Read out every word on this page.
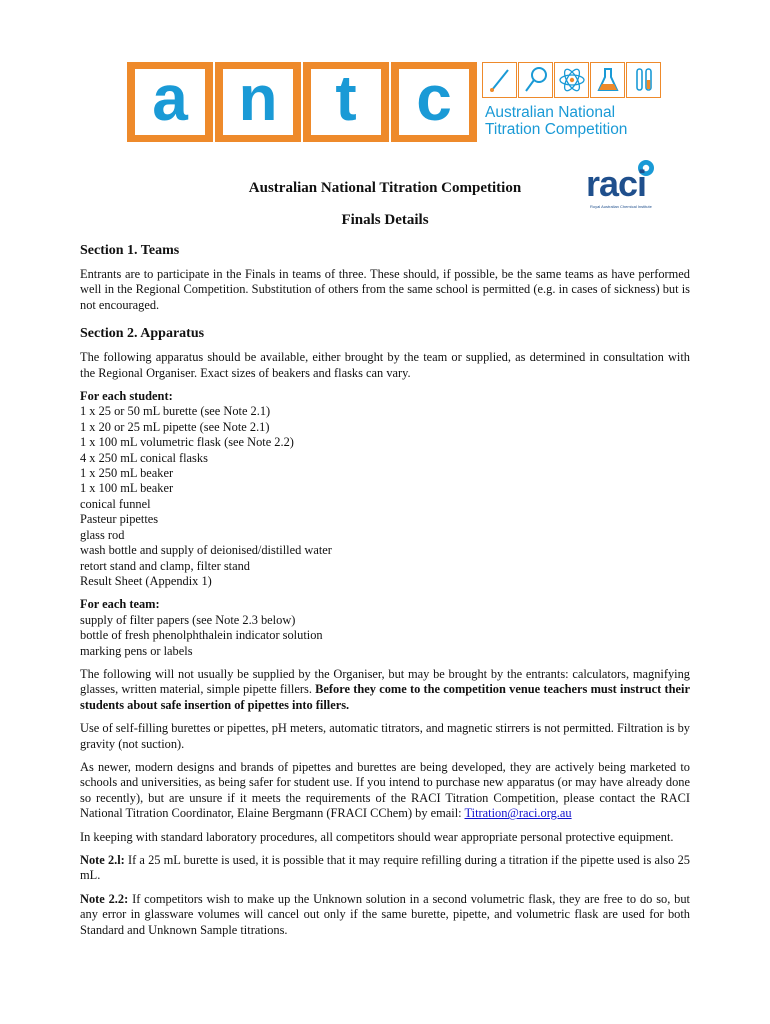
a n t c Australian National
Titration Competition
raci
Royal Australian Chemical Institute
Australian National Titration Competition
Finals Details
Section 1. Teams

Entrants are to participate in the Finals in teams of three. These should, if possible, be the same teams as have performed well in the Regional Competition. Substitution of others from the same school is permitted (e.g. in cases of sickness) but is not encouraged.

Section 2. Apparatus

The following apparatus should be available, either brought by the team or supplied, as determined in consultation with the Regional Organiser. Exact sizes of beakers and flasks can vary.

For each student:
1 x 25 or 50 mL burette (see Note 2.1)
1 x 20 or 25 mL pipette (see Note 2.1)
1 x 100 mL volumetric flask (see Note 2.2)
4 x 250 mL conical flasks
1 x 250 mL beaker
1 x 100 mL beaker
conical funnel
Pasteur pipettes
glass rod
wash bottle and supply of deionised/distilled water
retort stand and clamp, filter stand
Result Sheet (Appendix 1)
For each team:
supply of filter papers (see Note 2.3 below)
bottle of fresh phenolphthalein indicator solution
marking pens or labels

The following will not usually be supplied by the Organiser, but may be brought by the entrants: calculators, magnifying glasses, written material, simple pipette fillers. Before they come to the competition venue teachers must instruct their students about safe insertion of pipettes into fillers.

Use of self-filling burettes or pipettes, pH meters, automatic titrators, and magnetic stirrers is not permitted. Filtration is by gravity (not suction).

As newer, modern designs and brands of pipettes and burettes are being developed, they are actively being marketed to schools and universities, as being safer for student use. If you intend to purchase new apparatus (or may have already done so recently), but are unsure if it meets the requirements of the RACI Titration Competition, please contact the RACI National Titration Coordinator, Elaine Bergmann (FRACI CChem) by email: Titration@raci.org.au

In keeping with standard laboratory procedures, all competitors should wear appropriate personal protective equipment.

Note 2.l: If a 25 mL burette is used, it is possible that it may require refilling during a titration if the pipette used is also 25 mL.

Note 2.2: If competitors wish to make up the Unknown solution in a second volumetric flask, they are free to do so, but any error in glassware volumes will cancel out only if the same burette, pipette, and volumetric flask are used for both Standard and Unknown Sample titrations.
